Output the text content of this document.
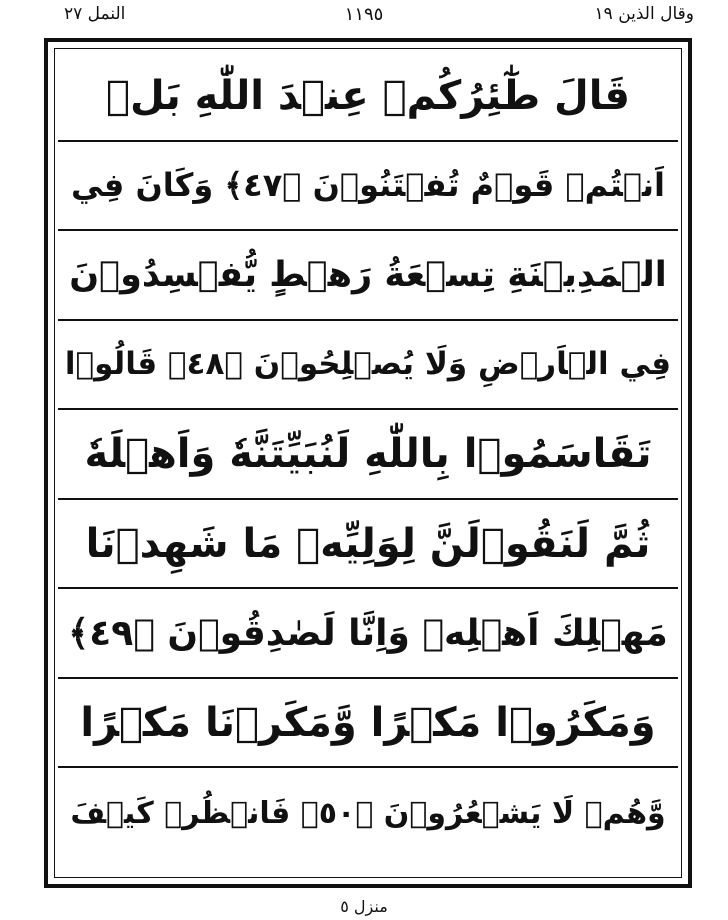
وقال الذين ١٩
١١٩٥
النمل ٢٧
قَالَ طٰٓئِرُكُمۡ عِنۡدَ اللّٰهِ بَلۡ
اَنۡتُمۡ قَوۡمٌ تُفۡتَنُوۡنَ ﴿٤٧﴾ وَكَانَ فِي
الۡمَدِيۡنَةِ تِسۡعَةُ رَهۡطٍ يُّفۡسِدُوۡنَ
فِي الۡاَرۡضِ وَلَا يُصۡلِحُوۡنَ ﴿٤٨﴾ قَالُوۡا
تَقَاسَمُوۡا بِاللّٰهِ لَنُبَيِّتَنَّهٗ وَاَهۡلَهٗ
ثُمَّ لَنَقُوۡلَنَّ لِوَلِيِّهٖ مَا شَهِدۡنَا
مَهۡلِكَ اَهۡلِهٖ وَاِنَّا لَصٰدِقُوۡنَ ﴿٤٩﴾
وَمَكَرُوۡا مَكۡرًا وَّمَكَرۡنَا مَكۡرًا
وَّهُمۡ لَا يَشۡعُرُوۡنَ ﴿٥٠﴾ فَانۡظُرۡ كَيۡفَ
منزل ٥
